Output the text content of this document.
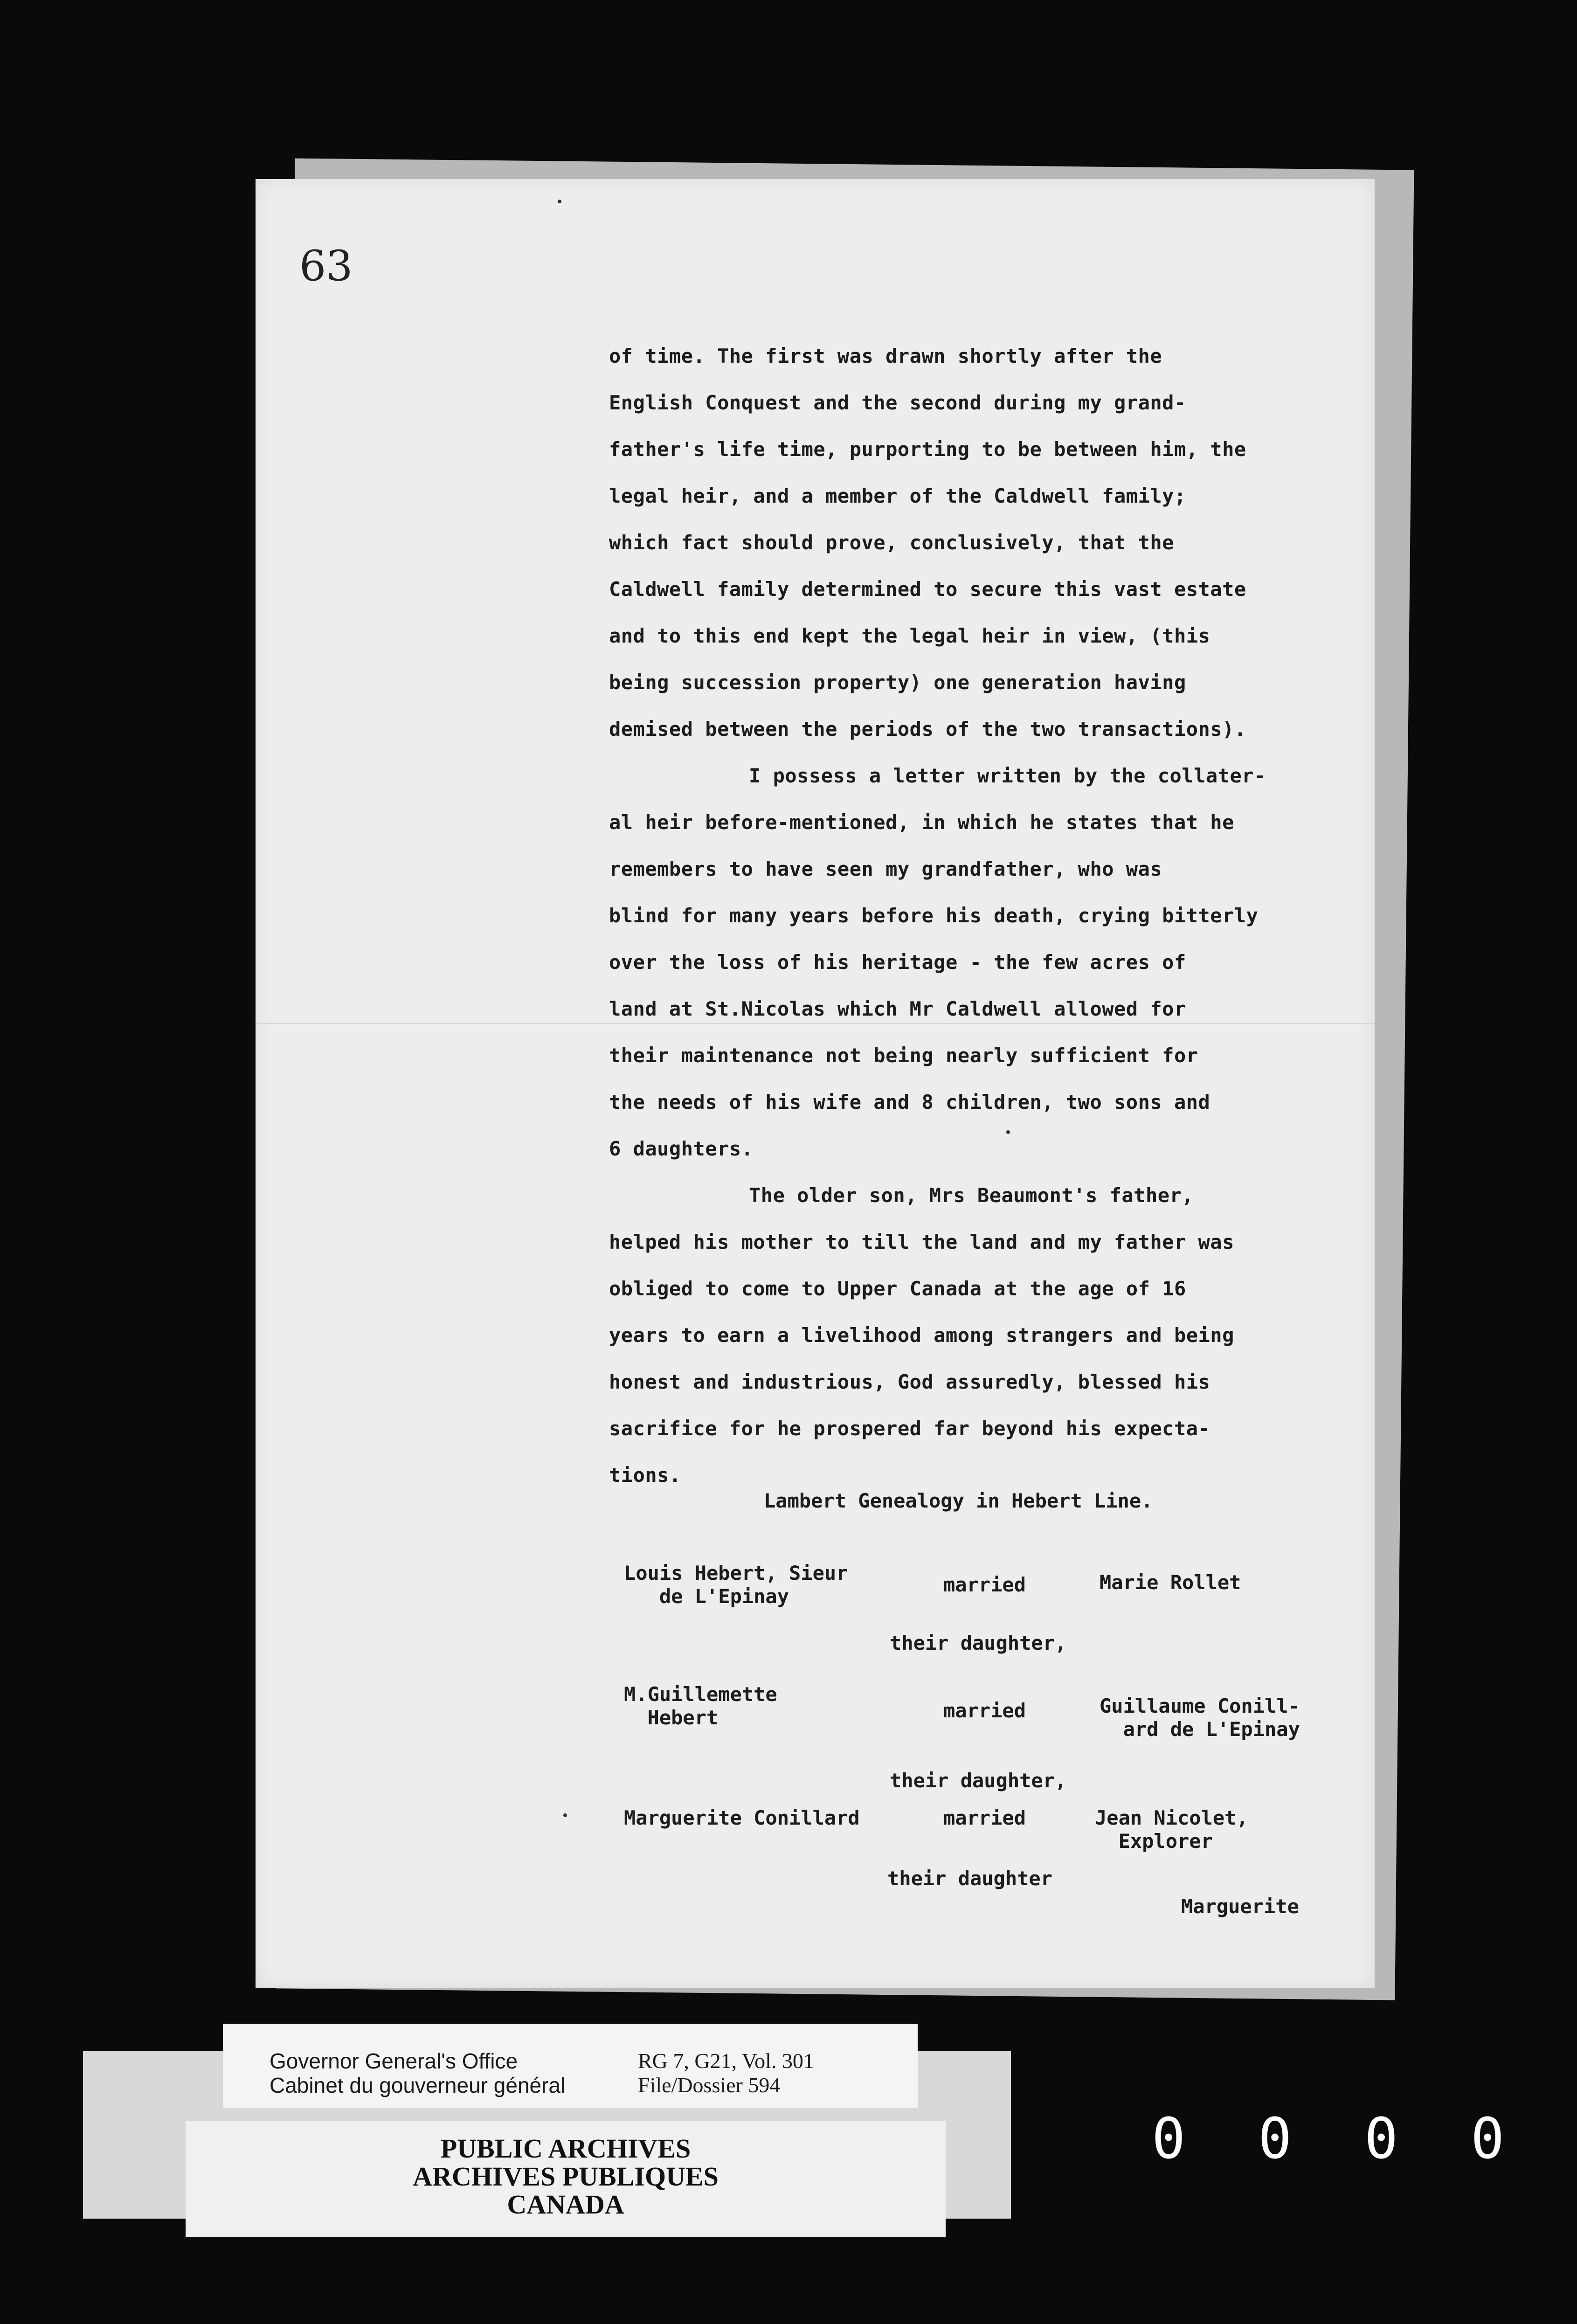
63
of time. The first was drawn shortly after the
English Conquest and the second during my grand-
father's life time, purporting to be between him, the
legal heir, and a member of the Caldwell family;
which fact should prove, conclusively, that the
Caldwell family determined to secure this vast estate
and to this end kept the legal heir in view, (this
being succession property) one generation having
demised between the periods of the two transactions).
I possess a letter written by the collater-
al heir before-mentioned, in which he states that he
remembers to have seen my grandfather, who was
blind for many years before his death, crying bitterly
over the loss of his heritage - the few acres of
land at St.Nicolas which Mr Caldwell allowed for
their maintenance not being nearly sufficient for
the needs of his wife and 8 children, two sons and
6 daughters.
The older son, Mrs Beaumont's father,
helped his mother to till the land and my father was
obliged to come to Upper Canada at the age of 16
years to earn a livelihood among strangers and being
honest and industrious, God assuredly, blessed his
sacrifice for he prospered far beyond his expecta-
tions.
Lambert Genealogy in Hebert Line.
Louis Hebert, Sieur
de L'Epinay
married	Marie Rollet
their daughter,
M.Guillemette
Hebert	married	Guillaume Conill-
ard de L'Epinay
their daughter,
Marguerite Conillard	married	Jean Nicolet,
Explorer
their daughter
Marguerite
Governor General's Office
Cabinet du gouverneur général
RG 7, G21, Vol. 301
File/Dossier 594
PUBLIC ARCHIVES
ARCHIVES PUBLIQUES
CANADA
0 0 0 0
